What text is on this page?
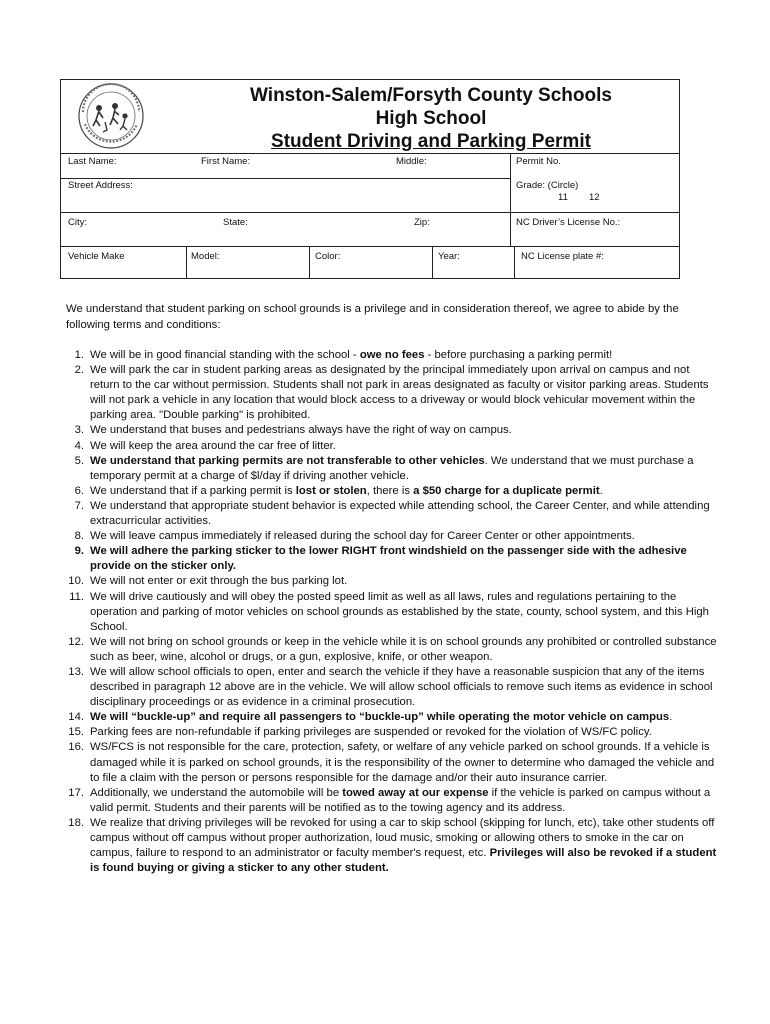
Winston-Salem/Forsyth County Schools
High School
Student Driving and Parking Permit
Last Name:	First Name:	Middle:	Permit No.
Street Address:	Grade: (Circle)
11        12
City:	State:	Zip:	NC Driver’s License No.:
Vehicle Make	Model:	Color:	Year:	NC License plate #:
We understand that student parking on school grounds is a privilege and in consideration thereof, we agree to abide by the following terms and conditions:
1. We will be in good financial standing with the school - owe no fees - before purchasing a parking permit!
2. We will park the car in student parking areas as designated by the principal immediately upon arrival on campus and not return to the car without permission. Students shall not park in areas designated as faculty or visitor parking areas. Students will not park a vehicle in any location that would block access to a driveway or would block vehicular movement within the parking area. "Double parking" is prohibited.
3. We understand that buses and pedestrians always have the right of way on campus.
4. We will keep the area around the car free of litter.
5. We understand that parking permits are not transferable to other vehicles. We understand that we must purchase a temporary permit at a charge of $l/day if driving another vehicle.
6. We understand that if a parking permit is lost or stolen, there is a $50 charge for a duplicate permit.
7. We understand that appropriate student behavior is expected while attending school, the Career Center, and while attending extracurricular activities.
8. We will leave campus immediately if released during the school day for Career Center or other appointments.
9. We will adhere the parking sticker to the lower RIGHT front windshield on the passenger side with the adhesive provide on the sticker only.
10. We will not enter or exit through the bus parking lot.
11. We will drive cautiously and will obey the posted speed limit as well as all laws, rules and regulations pertaining to the operation and parking of motor vehicles on school grounds as established by the state, county, school system, and this High School.
12. We will not bring on school grounds or keep in the vehicle while it is on school grounds any prohibited or controlled substance such as beer, wine, alcohol or drugs, or a gun, explosive, knife, or other weapon.
13. We will allow school officials to open, enter and search the vehicle if they have a reasonable suspicion that any of the items described in paragraph 12 above are in the vehicle. We will allow school officials to remove such items as evidence in school disciplinary proceedings or as evidence in a criminal prosecution.
14. We will “buckle-up” and require all passengers to “buckle-up” while operating the motor vehicle on campus.
15. Parking fees are non-refundable if parking privileges are suspended or revoked for the violation of WS/FC policy.
16. WS/FCS is not responsible for the care, protection, safety, or welfare of any vehicle parked on school grounds. If a vehicle is damaged while it is parked on school grounds, it is the responsibility of the owner to determine who damaged the vehicle and to file a claim with the person or persons responsible for the damage and/or their auto insurance carrier.
17. Additionally, we understand the automobile will be towed away at our expense if the vehicle is parked on campus without a valid permit. Students and their parents will be notified as to the towing agency and its address.
18. We realize that driving privileges will be revoked for using a car to skip school (skipping for lunch, etc), take other students off campus without off campus without proper authorization, loud music, smoking or allowing others to smoke in the car on campus, failure to respond to an administrator or faculty member's request, etc. Privileges will also be revoked if a student is found buying or giving a sticker to any other student.
